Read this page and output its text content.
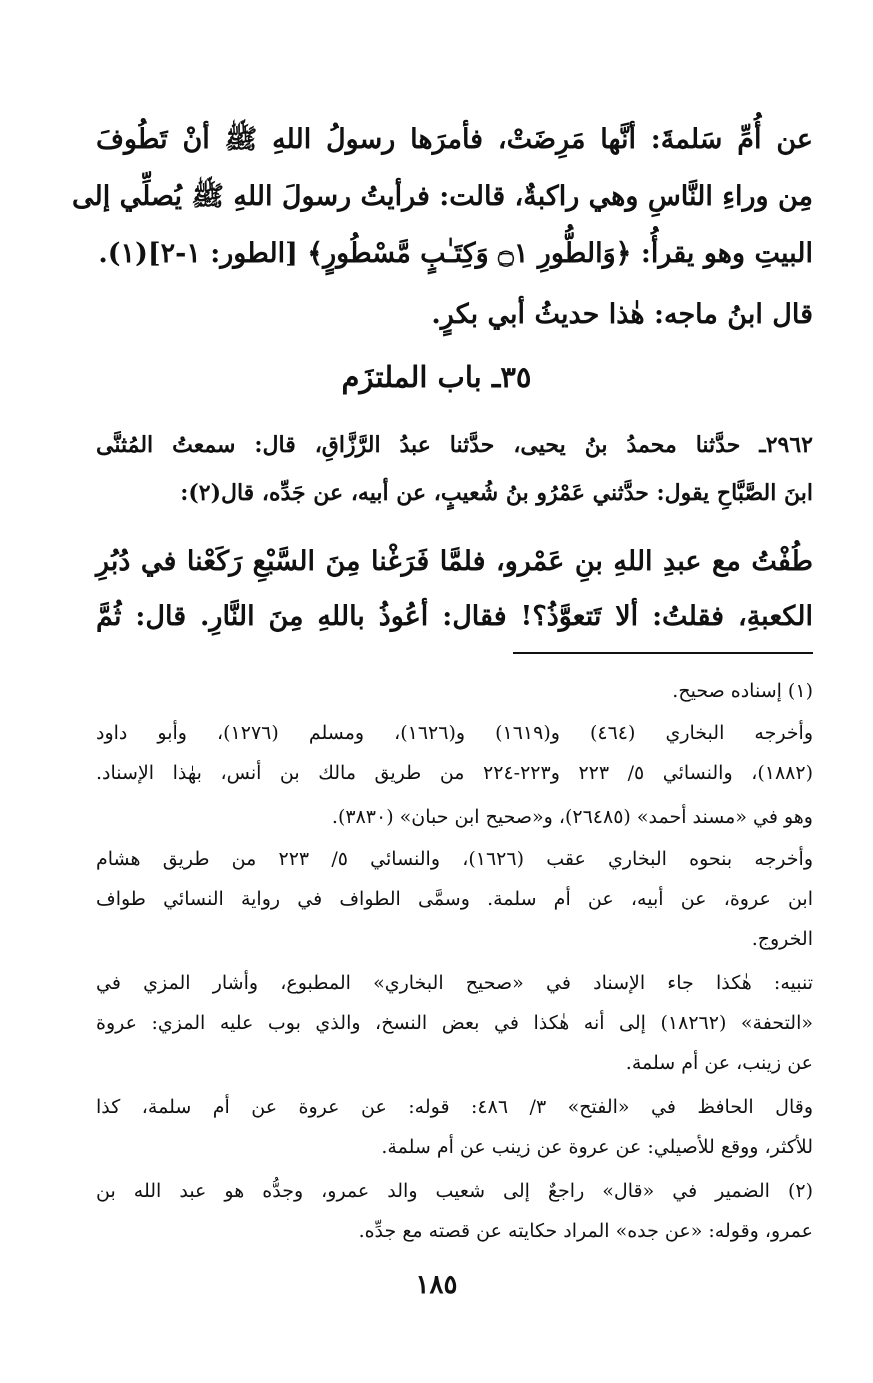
عن أُمِّ سَلمةَ: أنَّها مَرِضَتْ، فأمرَها رسولُ اللهِ ﷺ أنْ تَطُوفَ
مِن وراءِ النَّاسِ وهي راكبةٌ، قالت: فرأيتُ رسولَ اللهِ ﷺ يُصلِّي إلى
البيتِ وهو يقرأُ: ﴿وَالطُّورِ ۝١ وَكِتَـٰبٍ مَّسْطُورٍ﴾ [الطور: ١-٢](١).
قال ابنُ ماجه: هٰذا حديثُ أبي بكرٍ.
٣٥ـ باب الملتزَم
٢٩٦٢ـ حدَّثنا محمدُ بنُ يحيى، حدَّثنا عبدُ الرَّزَّاقِ، قال: سمعتُ المُثنَّى
ابنَ الصَّبَّاحِ يقول: حدَّثني عَمْرُو بنُ شُعيبٍ، عن أبيه، عن جَدِّه، قال(٢):
طُفْتُ مع عبدِ اللهِ بنِ عَمْرو، فلمَّا فَرَغْنا مِنَ السَّبْعِ رَكَعْنا في دُبُرِ
الكعبةِ، فقلتُ: ألا تَتعوَّذُ؟! فقال: أعُوذُ باللهِ مِنَ النَّارِ. قال: ثُمَّ
(١) إسناده صحيح.
وأخرجه البخاري (٤٦٤) و(١٦١٩) و(١٦٢٦)، ومسلم (١٢٧٦)، وأبو داود
(١٨٨٢)، والنسائي ٥/ ٢٢٣ و٢٢٣-٢٢٤ من طريق مالك بن أنس، بهٰذا الإسناد.
وهو في «مسند أحمد» (٢٦٤٨٥)، و«صحيح ابن حبان» (٣٨٣٠).
وأخرجه بنحوه البخاري عقب (١٦٢٦)، والنسائي ٥/ ٢٢٣ من طريق هشام
ابن عروة، عن أبيه، عن أم سلمة. وسمَّى الطواف في رواية النسائي طواف
الخروج.
تنبيه: هٰكذا جاء الإسناد في «صحيح البخاري» المطبوع، وأشار المزي في
«التحفة» (١٨٢٦٢) إلى أنه هٰكذا في بعض النسخ، والذي بوب عليه المزي: عروة
عن زينب، عن أم سلمة.
وقال الحافظ في «الفتح» ٣/ ٤٨٦: قوله: عن عروة عن أم سلمة، كذا
للأكثر، ووقع للأصيلي: عن عروة عن زينب عن أم سلمة.
(٢) الضمير في «قال» راجعٌ إلى شعيب والد عمرو، وجدُّه هو عبد الله بن
عمرو، وقوله: «عن جده» المراد حكايته عن قصته مع جدِّه.
١٨٥
